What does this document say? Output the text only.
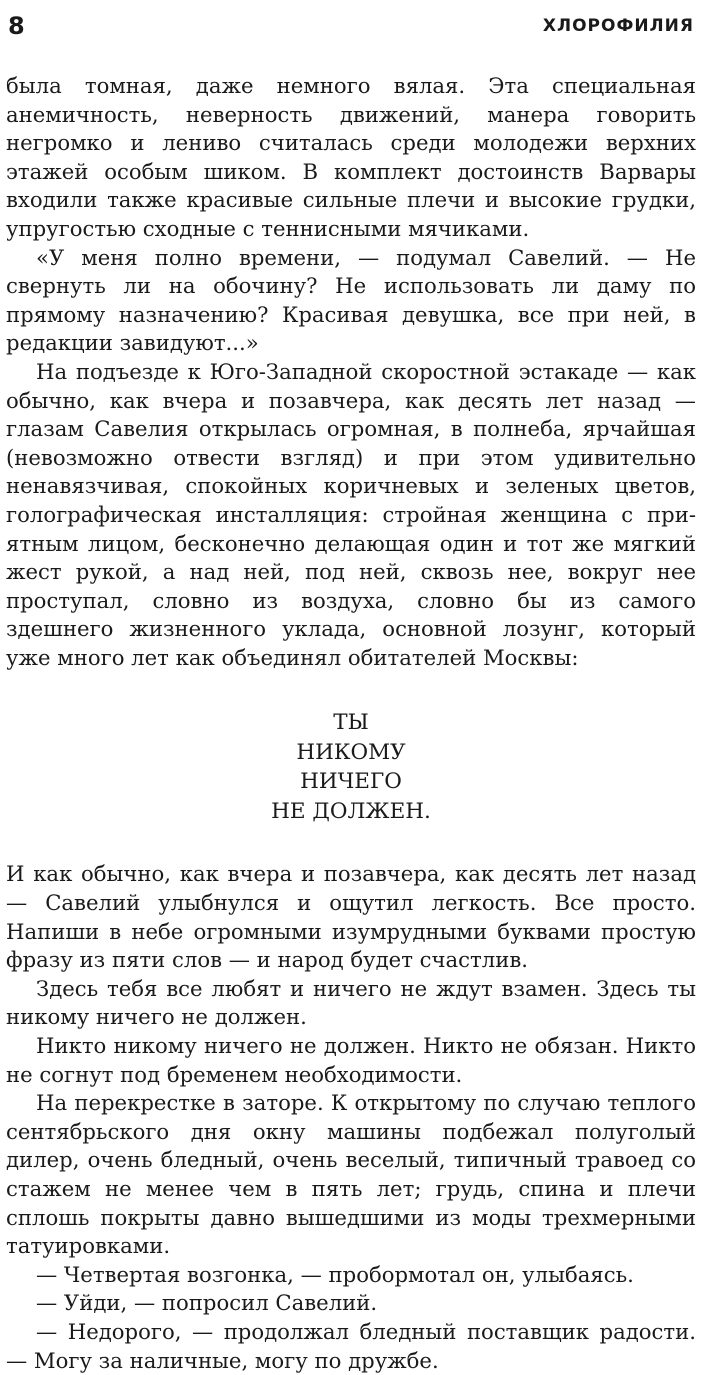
8	ХЛОРОФИЛИЯ

была томная, даже немного вялая. Эта специальная анемичность, неверность движений, манера говорить негромко и лениво считалась среди молодежи верхних этажей особым шиком. В комплект достоинств Варвары входили также красивые сильные плечи и высокие грудки, упругостью сходные с теннисными мячиками.

«У меня полно времени, — подумал Савелий. — Не свернуть ли на обочину? Не использовать ли даму по прямому назначению? Красивая девушка, все при ней, в редакции завидуют...»

На подъезде к Юго-Западной скоростной эстакаде — как обычно, как вчера и позавчера, как десять лет назад — глазам Савелия открылась огромная, в полнеба, ярчайшая (невозможно отвести взгляд) и при этом удивительно ненавязчивая, спокойных коричневых и зеленых цветов, голографическая инсталляция: стройная женщина с приятным лицом, бесконечно делающая один и тот же мягкий жест рукой, а над ней, под ней, сквозь нее, вокруг нее проступал, словно из воздуха, словно бы из самого здешнего жизненного уклада, основной лозунг, который уже много лет как объединял обитателей Москвы:

ТЫ
НИКОМУ
НИЧЕГО
НЕ ДОЛЖЕН.

И как обычно, как вчера и позавчера, как десять лет назад — Савелий улыбнулся и ощутил легкость. Все просто. Напиши в небе огромными изумрудными буквами простую фразу из пяти слов — и народ будет счастлив.

Здесь тебя все любят и ничего не ждут взамен. Здесь ты никому ничего не должен.

Никто никому ничего не должен. Никто не обязан. Никто не согнут под бременем необходимости.

На перекрестке в заторе. К открытому по случаю теплого сентябрьского дня окну машины подбежал полуголый дилер, очень бледный, очень веселый, типичный травоед со стажем не менее чем в пять лет; грудь, спина и плечи сплошь покрыты давно вышедшими из моды трехмерными татуировками.

— Четвертая возгонка, — пробормотал он, улыбаясь.

— Уйди, — попросил Савелий.

— Недорого, — продолжал бледный поставщик радости. — Могу за наличные, могу по дружбе.
